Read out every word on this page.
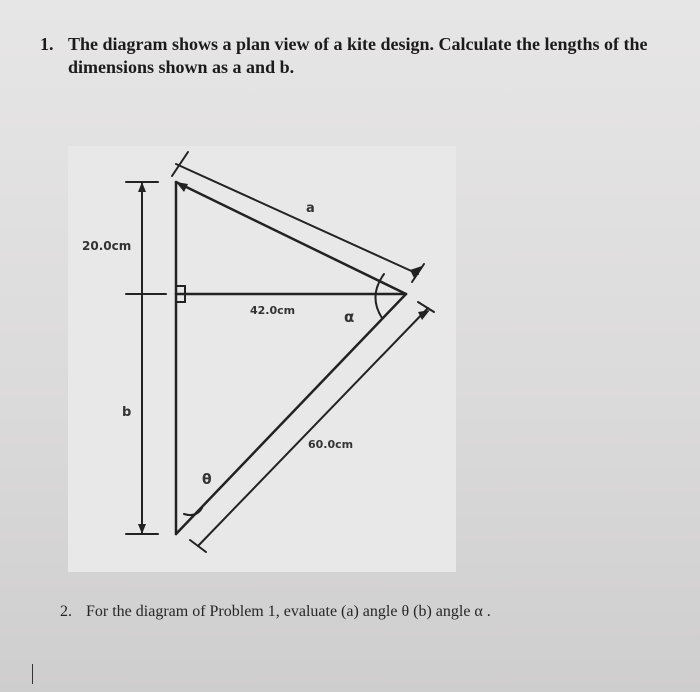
1. The diagram shows a plan view of a kite design. Calculate the lengths of the dimensions shown as a and b.
a
20.0cm
42.0cm	α
b
60.0cm
θ
2. For the diagram of Problem 1, evaluate (a) angle θ (b) angle α .
